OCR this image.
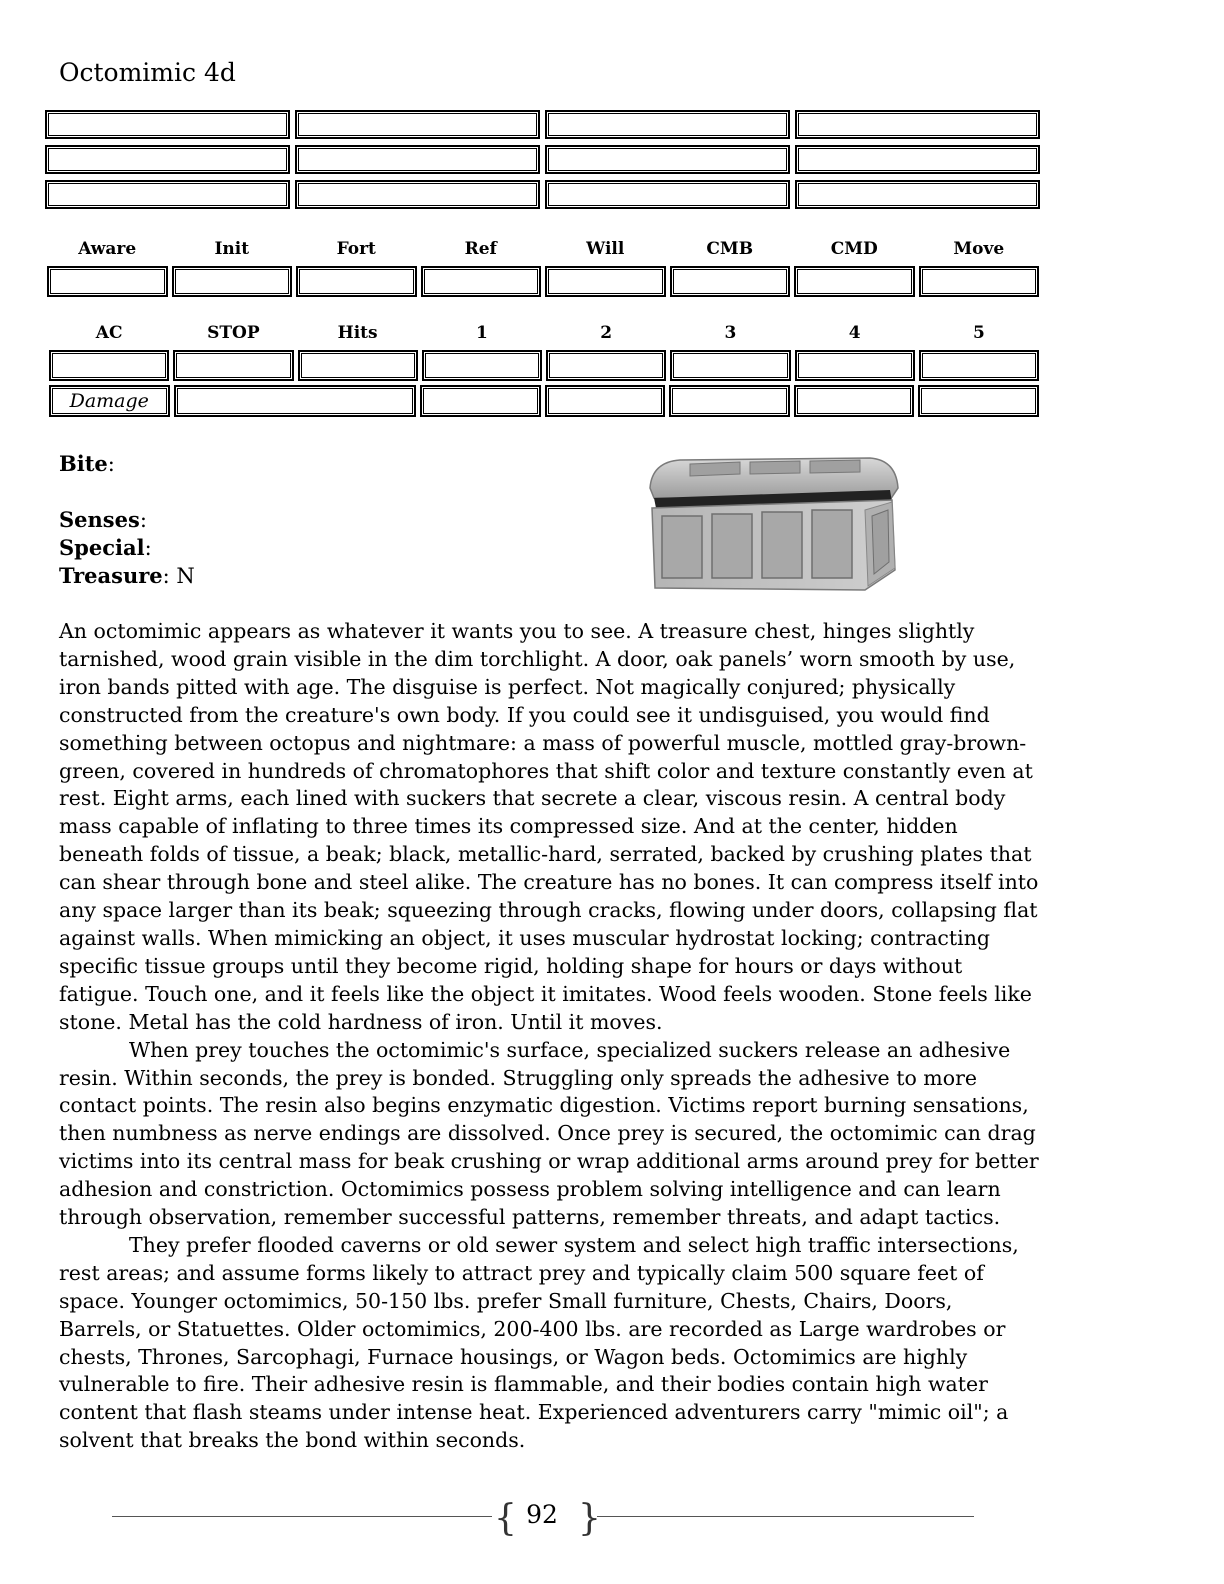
Octomimic 4d
Aware	Init	Fort	Ref	Will	CMB	CMD	Move
AC	STOP	Hits	1	2	3	4	5
Damage
Bite:
Senses:
Special:
Treasure: N

An octomimic appears as whatever it wants you to see. A treasure chest, hinges slightly tarnished, wood grain visible in the dim torchlight. A door, oak panels’ worn smooth by use, iron bands pitted with age. The disguise is perfect. Not magically conjured; physically constructed from the creature's own body. If you could see it undisguised, you would find something between octopus and nightmare: a mass of powerful muscle, mottled gray-brown-green, covered in hundreds of chromatophores that shift color and texture constantly even at rest. Eight arms, each lined with suckers that secrete a clear, viscous resin. A central body mass capable of inflating to three times its compressed size. And at the center, hidden beneath folds of tissue, a beak; black, metallic-hard, serrated, backed by crushing plates that can shear through bone and steel alike. The creature has no bones. It can compress itself into any space larger than its beak; squeezing through cracks, flowing under doors, collapsing flat against walls. When mimicking an object, it uses muscular hydrostat locking; contracting specific tissue groups until they become rigid, holding shape for hours or days without fatigue. Touch one, and it feels like the object it imitates. Wood feels wooden. Stone feels like stone. Metal has the cold hardness of iron. Until it moves.

When prey touches the octomimic's surface, specialized suckers release an adhesive resin. Within seconds, the prey is bonded. Struggling only spreads the adhesive to more contact points. The resin also begins enzymatic digestion. Victims report burning sensations, then numbness as nerve endings are dissolved. Once prey is secured, the octomimic can drag victims into its central mass for beak crushing or wrap additional arms around prey for better adhesion and constriction. Octomimics possess problem solving intelligence and can learn through observation, remember successful patterns, remember threats, and adapt tactics.

They prefer flooded caverns or old sewer system and select high traffic intersections, rest areas; and assume forms likely to attract prey and typically claim 500 square feet of space. Younger octomimics, 50-150 lbs. prefer Small furniture, Chests, Chairs, Doors, Barrels, or Statuettes. Older octomimics, 200-400 lbs. are recorded as Large wardrobes or chests, Thrones, Sarcophagi, Furnace housings, or Wagon beds. Octomimics are highly vulnerable to fire. Their adhesive resin is flammable, and their bodies contain high water content that flash steams under intense heat. Experienced adventurers carry "mimic oil"; a solvent that breaks the bond within seconds.

{ 92 }
